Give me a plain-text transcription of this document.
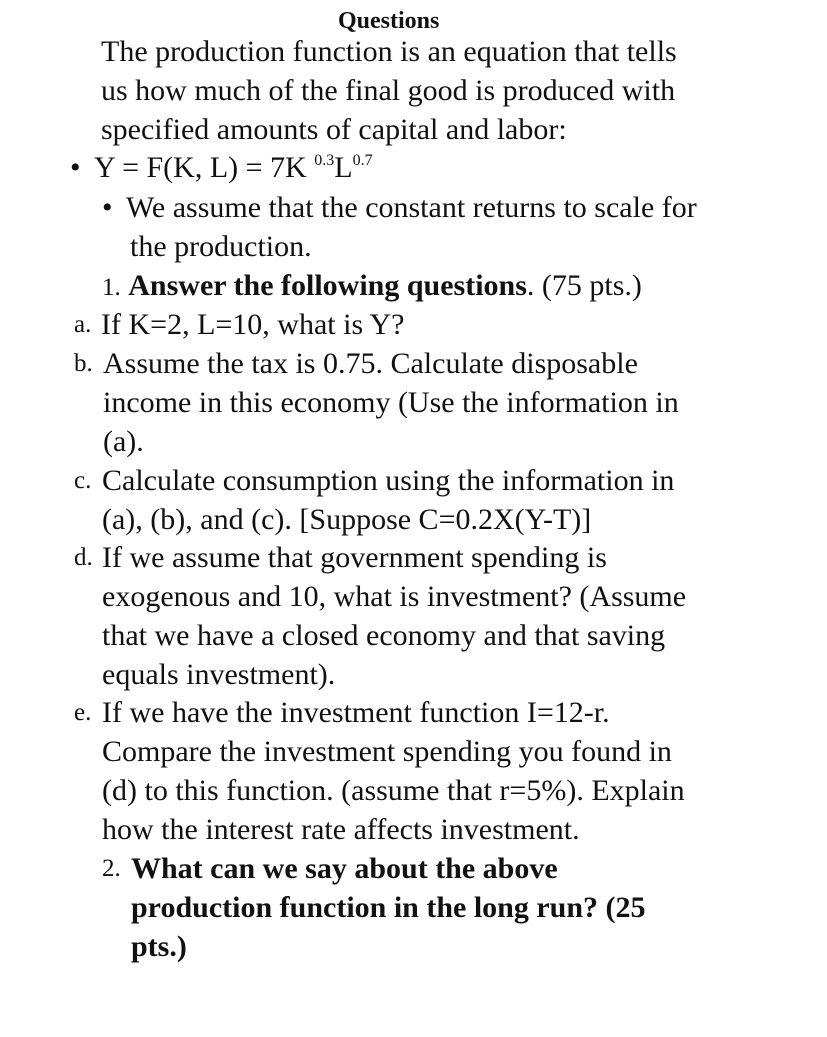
Questions
The production function is an equation that tells
us how much of the final good is produced with
specified amounts of capital and labor:
• Y = F(K, L) = 7K $^{0.3}L^{0.7}$
• We assume that the constant returns to scale for
the production.
1. Answer the following questions. (75 pts.)
a. If K=2, L=10, what is Y?
b. Assume the tax is 0.75. Calculate disposable
income in this economy (Use the information in
(a).
c. Calculate consumption using the information in
(a), (b), and (c). [Suppose C=0.2X(Y-T)]
d. If we assume that government spending is
exogenous and 10, what is investment? (Assume
that we have a closed economy and that saving
equals investment).
e. If we have the investment function I=12-r.
Compare the investment spending you found in
(d) to this function. (assume that r=5%). Explain
how the interest rate affects investment.
2. What can we say about the above
production function in the long run? (25
pts.)
